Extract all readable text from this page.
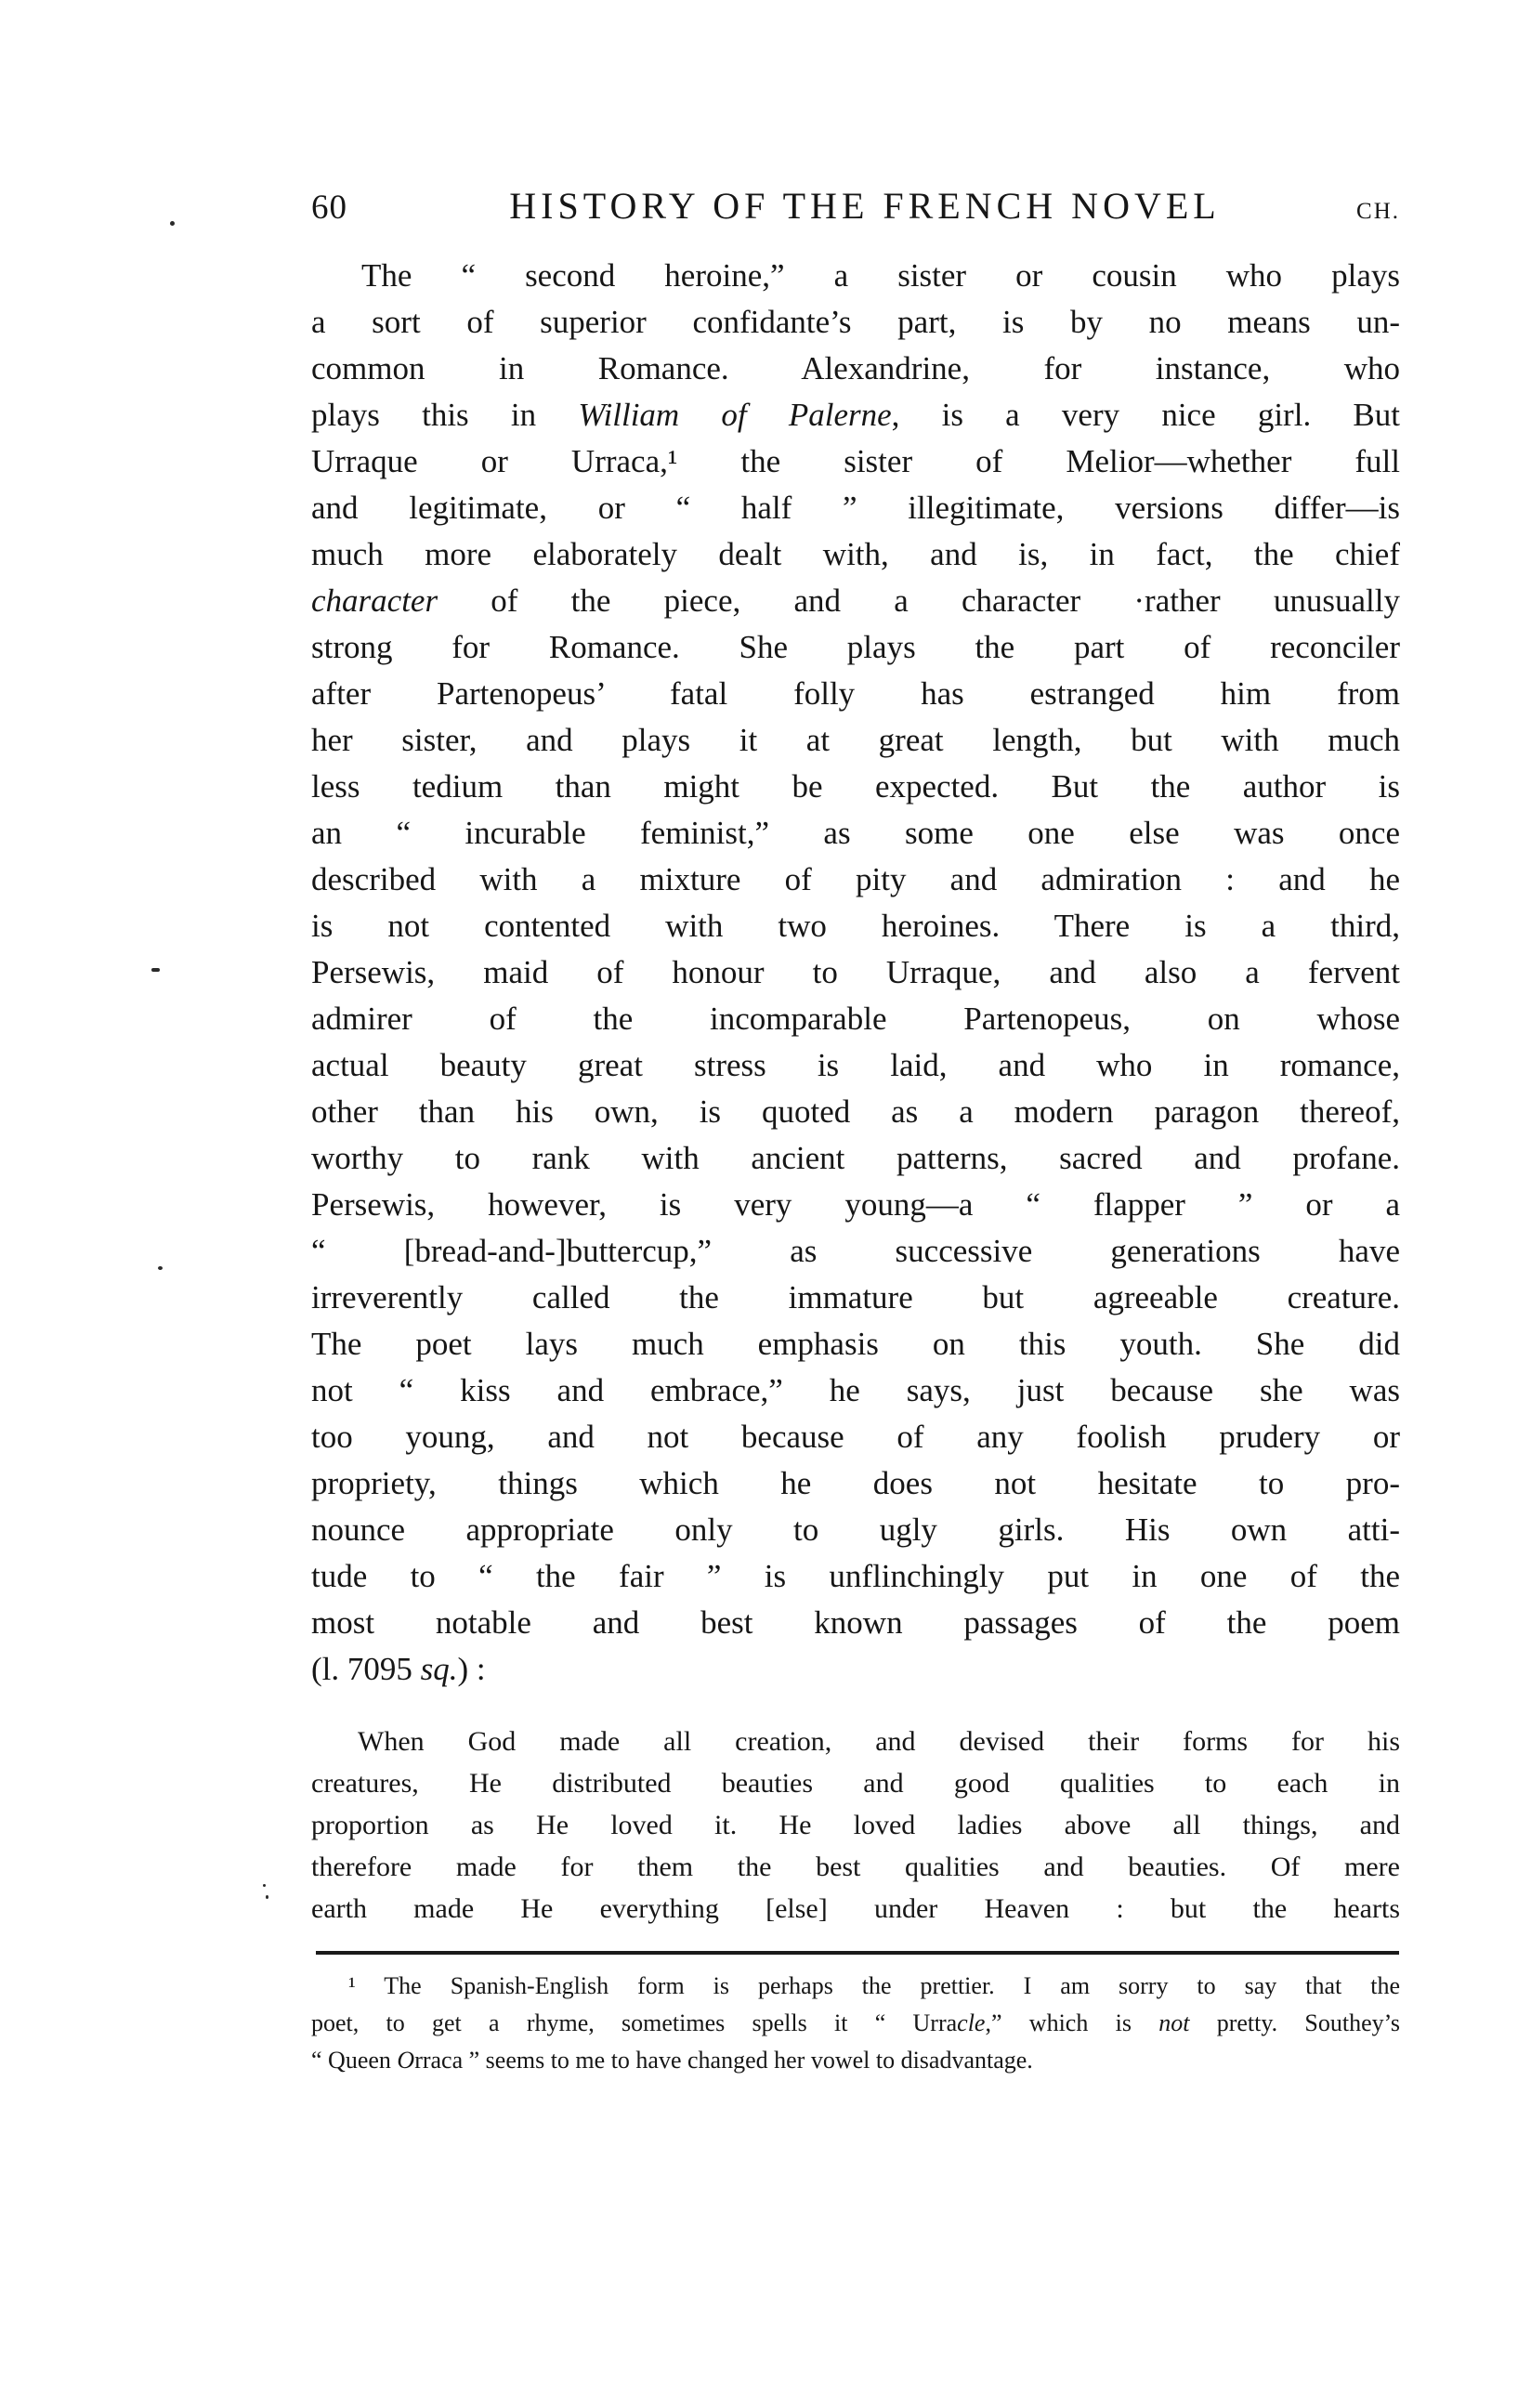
60	HISTORY OF THE FRENCH NOVEL	CH.
The “ second heroine,” a sister or cousin who plays
a sort of superior confidante’s part, is by no means un-
common in Romance. Alexandrine, for instance, who
plays this in William of Palerne, is a very nice girl. But
Urraque or Urraca,¹ the sister of Melior—whether full
and legitimate, or “ half ” illegitimate, versions differ—is
much more elaborately dealt with, and is, in fact, the chief
character of the piece, and a character ·rather unusually
strong for Romance. She plays the part of reconciler
after Partenopeus’ fatal folly has estranged him from
her sister, and plays it at great length, but with much
less tedium than might be expected. But the author is
an “ incurable feminist,” as some one else was once
described with a mixture of pity and admiration : and he
is not contented with two heroines. There is a third,
Persewis, maid of honour to Urraque, and also a fervent
admirer of the incomparable Partenopeus, on whose
actual beauty great stress is laid, and who in romance,
other than his own, is quoted as a modern paragon thereof,
worthy to rank with ancient patterns, sacred and profane.
Persewis, however, is very young—a “ flapper ” or a
“ [bread-and-]buttercup,” as successive generations have
irreverently called the immature but agreeable creature.
The poet lays much emphasis on this youth. She did
not “ kiss and embrace,” he says, just because she was
too young, and not because of any foolish prudery or
propriety, things which he does not hesitate to pro-
nounce appropriate only to ugly girls. His own atti-
tude to “ the fair ” is unflinchingly put in one of the
most notable and best known passages of the poem
(l. 7095 sq.) :
When God made all creation, and devised their forms for his
creatures, He distributed beauties and good qualities to each in
proportion as He loved it. He loved ladies above all things, and
therefore made for them the best qualities and beauties. Of mere
earth made He everything [else] under Heaven : but the hearts
¹ The Spanish-English form is perhaps the prettier. I am sorry to say that the
poet, to get a rhyme, sometimes spells it “ Urracle,” which is not pretty. Southey’s
“ Queen Orraca ” seems to me to have changed her vowel to disadvantage.
